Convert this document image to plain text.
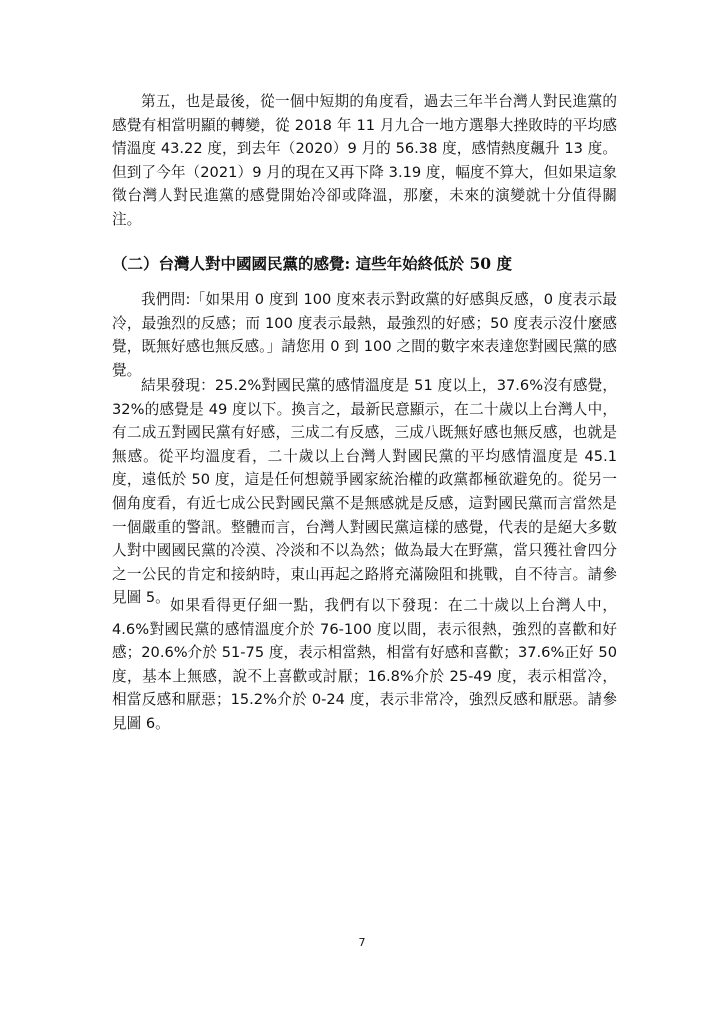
第五，也是最後，從一個中短期的角度看，過去三年半台灣人對民進黨的感覺有相當明顯的轉變，從 2018 年 11 月九合一地方選舉大挫敗時的平均感情溫度 43.22 度，到去年（2020）9 月的 56.38 度，感情熱度飆升 13 度。但到了今年（2021）9 月的現在又再下降 3.19 度，幅度不算大，但如果這象徵台灣人對民進黨的感覺開始冷卻或降溫，那麼，未來的演變就十分值得關注。

（二）台灣人對中國國民黨的感覺: 這些年始終低於 50 度

我們問:「如果用 0 度到 100 度來表示對政黨的好感與反感，0 度表示最冷，最強烈的反感；而 100 度表示最熱，最強烈的好感；50 度表示沒什麼感覺，既無好感也無反感。」請您用 0 到 100 之間的數字來表達您對國民黨的感覺。

結果發現：25.2%對國民黨的感情溫度是 51 度以上，37.6%沒有感覺，32%的感覺是 49 度以下。換言之，最新民意顯示，在二十歲以上台灣人中，有二成五對國民黨有好感，三成二有反感，三成八既無好感也無反感，也就是無感。從平均溫度看，二十歲以上台灣人對國民黨的平均感情溫度是 45.1 度，遠低於 50 度，這是任何想競爭國家統治權的政黨都極欲避免的。從另一個角度看，有近七成公民對國民黨不是無感就是反感，這對國民黨而言當然是一個嚴重的警訊。整體而言，台灣人對國民黨這樣的感覺，代表的是絕大多數人對中國國民黨的冷漠、冷淡和不以為然；做為最大在野黨，當只獲社會四分之一公民的肯定和接納時，東山再起之路將充滿險阻和挑戰，自不待言。請參見圖 5。 如果看得更仔細一點，我們有以下發現：在二十歲以上台灣人中，4.6%對國民黨的感情溫度介於 76-100 度以間，表示很熱，強烈的喜歡和好感；20.6%介於 51-75 度，表示相當熱，相當有好感和喜歡；37.6%正好 50 度，基本上無感，說不上喜歡或討厭；16.8%介於 25-49 度，表示相當冷，相當反感和厭惡；15.2%介於 0-24 度，表示非常冷，強烈反感和厭惡。請參見圖 6。

7
